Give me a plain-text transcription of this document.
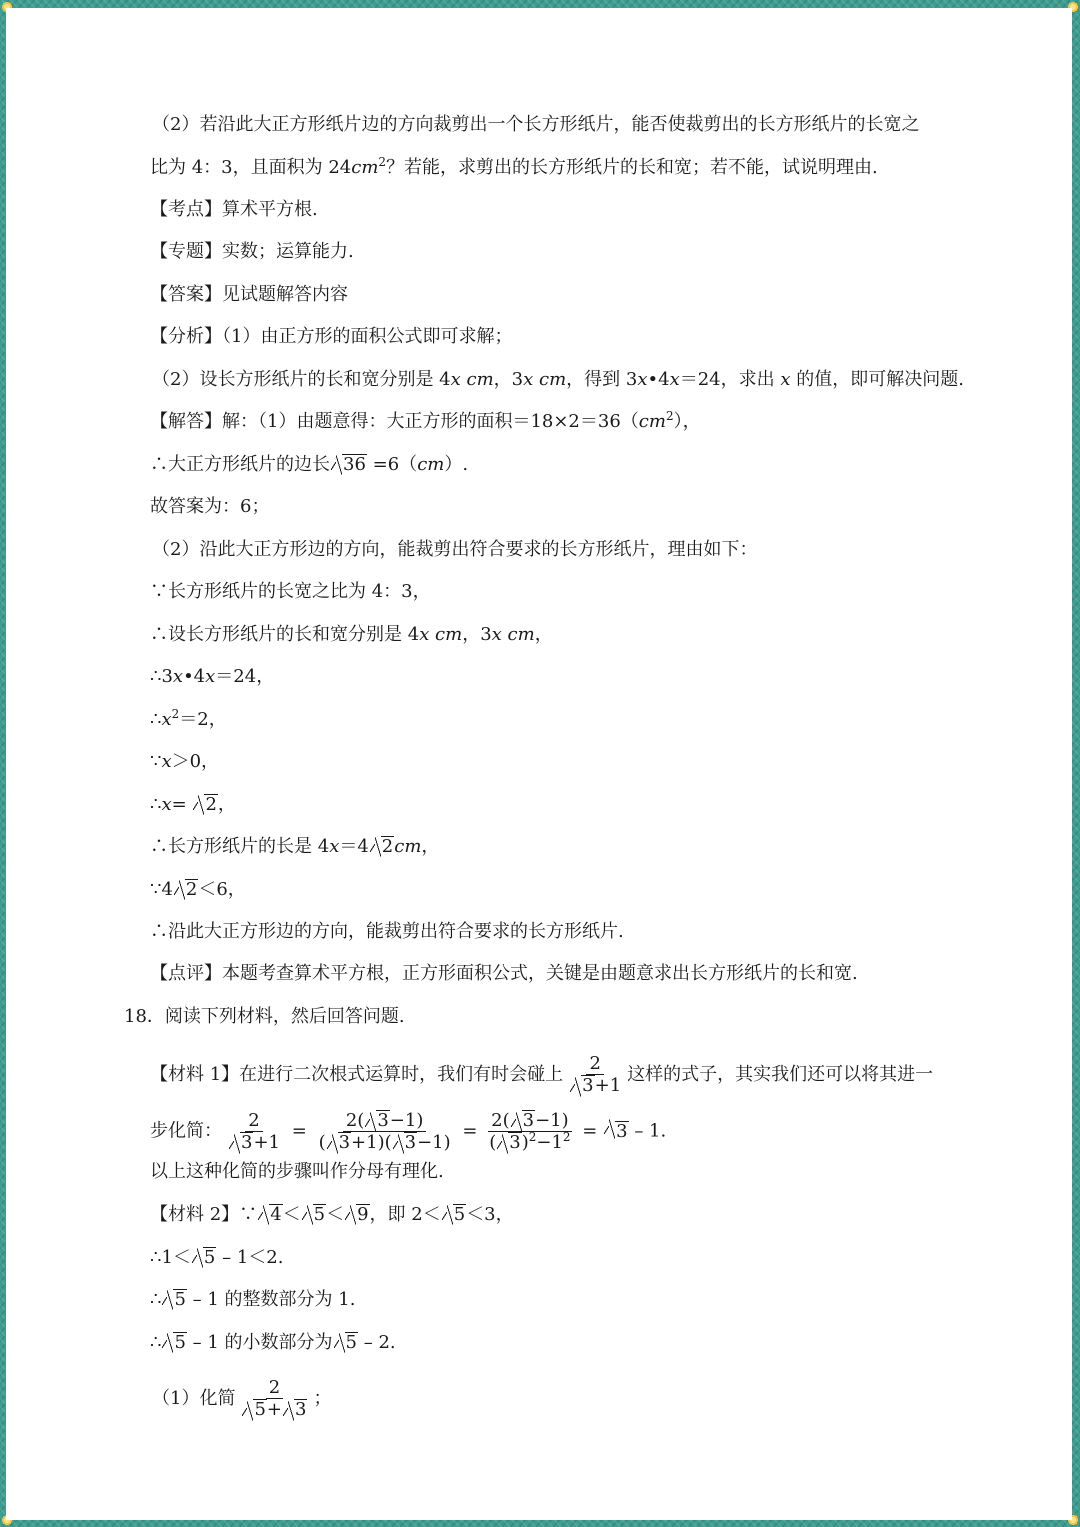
（2）若沿此大正方形纸片边的方向裁剪出一个长方形纸片，能否使裁剪出的长方形纸片的长宽之
比为 4：3，且面积为 $24cm^2$？若能，求剪出的长方形纸片的长和宽；若不能，试说明理由.
【考点】算术平方根.
【专题】实数；运算能力.
【答案】见试题解答内容
【分析】（1）由正方形的面积公式即可求解；
（2）设长方形纸片的长和宽分别是 4x cm，3x cm，得到 3x•4x＝24，求出 x 的值，即可解决问题.
【解答】解：（1）由题意得：大正方形的面积$=18\times 2=36(cm^2)$，
∴大正方形纸片的边长 36 =6（cm）.
故答案为：6；
（2）沿此大正方形边的方向，能裁剪出符合要求的长方形纸片，理由如下：
∵长方形纸片的长宽之比为 4：3，
∴设长方形纸片的长和宽分别是 4x cm，3x cm，
∴3x•4x＝24，
$\therefore x^2=2$，
∵x＞0，
∴x= 2，
∴长方形纸片的长是 4x＝4 2cm，
∵4 2＜6，
∴沿此大正方形边的方向，能裁剪出符合要求的长方形纸片.
【点评】本题考查算术平方根，正方形面积公式，关键是由题意求出长方形纸片的长和宽.
18．阅读下列材料，然后回答问题.
【材料 1】在进行二次根式运算时，我们有时会碰上 $\frac{2}{3+1}$ 这样的式子，其实我们还可以将其进一
步化简： $\frac{2}{3+1} = \frac{2( 3-1)}{( 3+1)( 3-1)} = \frac{2( 3-1)}{( 3)^2-1^2} = 3 - 1$.
以上这种化简的步骤叫作分母有理化.
【材料 2】∵ 4＜ 5＜ 9，即 2＜ 5＜3，
∴1＜ 5 – 1＜2.
∴ 5 – 1 的整数部分为 1.
∴ 5 – 1 的小数部分为 5 – 2.
（1）化简 $\frac{2}{5+ 3}$ ；
